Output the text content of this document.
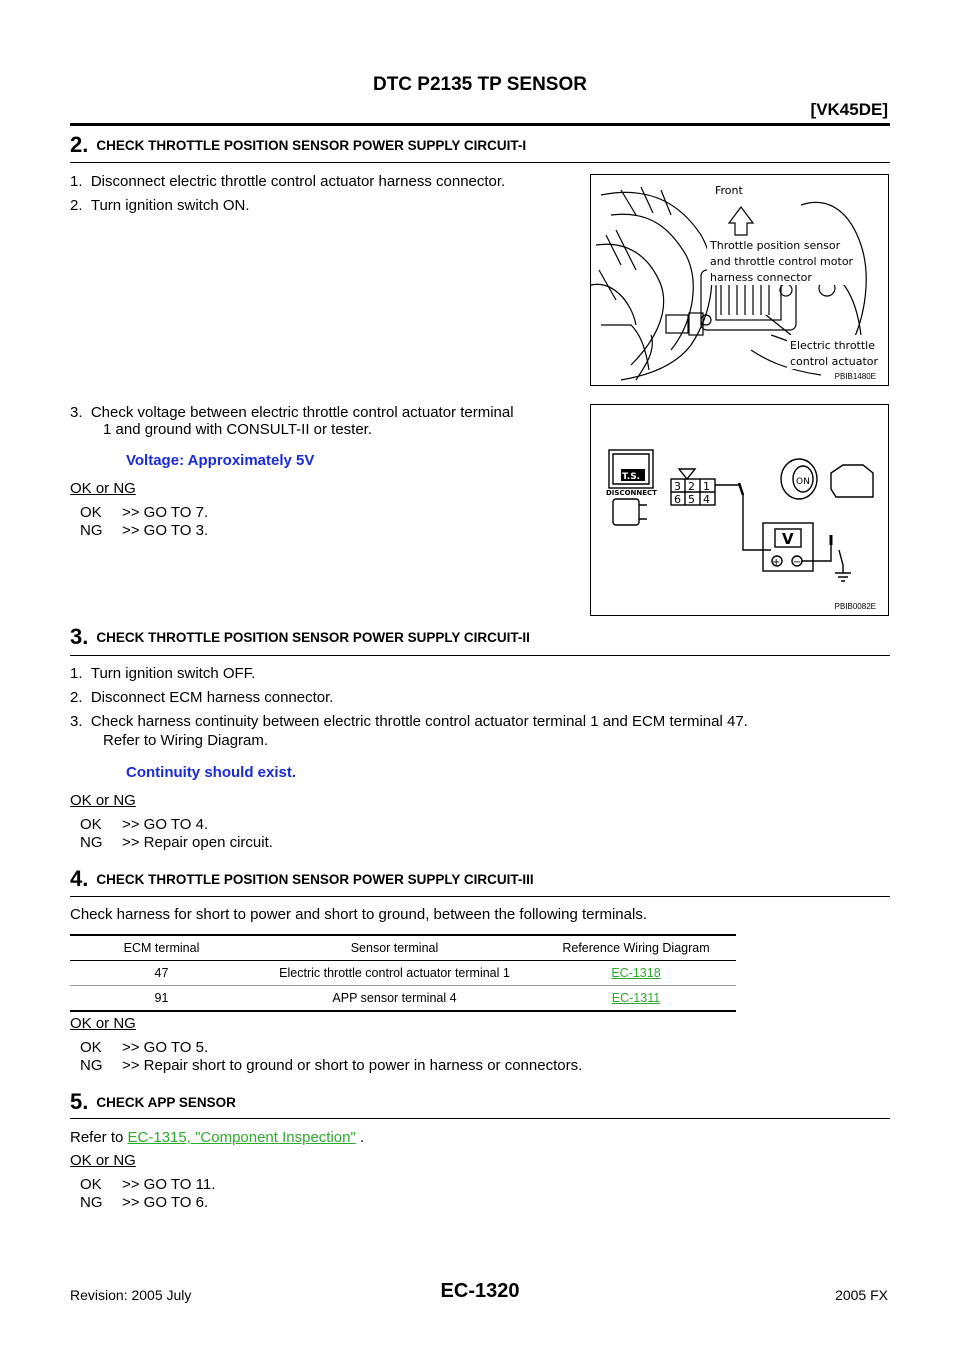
DTC P2135 TP SENSOR
[VK45DE]
2. CHECK THROTTLE POSITION SENSOR POWER SUPPLY CIRCUIT-I
1.  Disconnect electric throttle control actuator harness connector.
2.  Turn ignition switch ON.
Front
Throttle position sensor
and throttle control motor
harness connector
Electric throttle
control actuator
PBIB1480E
3.  Check voltage between electric throttle control actuator terminal
1 and ground with CONSULT-II or tester.
Voltage: Approximately 5V
OK or NG
OK >> GO TO 7.
NG >> GO TO 3.
T.S.
DISCONNECT 3 2 1
6 5 4
ON
V
+ −
PBIB0082E
3. CHECK THROTTLE POSITION SENSOR POWER SUPPLY CIRCUIT-II
1.  Turn ignition switch OFF.
2.  Disconnect ECM harness connector.
3.  Check harness continuity between electric throttle control actuator terminal 1 and ECM terminal 47.
Refer to Wiring Diagram.
Continuity should exist.
OK or NG
OK >> GO TO 4.
NG >> Repair open circuit.
4. CHECK THROTTLE POSITION SENSOR POWER SUPPLY CIRCUIT-III
Check harness for short to power and short to ground, between the following terminals.
ECM terminal	Sensor terminal	Reference Wiring Diagram
47	Electric throttle control actuator terminal 1	EC-1318
91	APP sensor terminal 4	EC-1311
OK or NG
OK >> GO TO 5.
NG >> Repair short to ground or short to power in harness or connectors.
5. CHECK APP SENSOR
Refer to EC-1315, "Component Inspection" .
OK or NG
OK >> GO TO 11.
NG >> GO TO 6.
Revision: 2005 July	EC-1320	2005 FX
